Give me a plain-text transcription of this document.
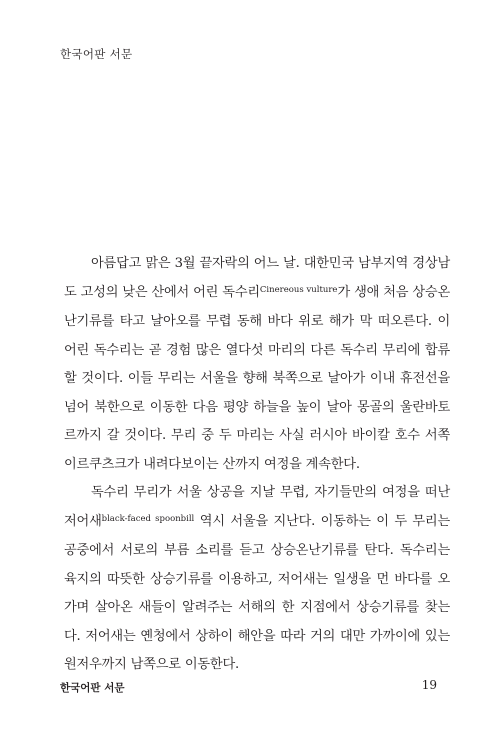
한국어판 서문

아름답고 맑은 3월 끝자락의 어느 날. 대한민국 남부지역 경상남도 고성의 낮은 산에서 어린 독수리$^{Cinereous vulture}$가 생애 처음 상승온난기류를 타고 날아오를 무렵 동해 바다 위로 해가 막 떠오른다. 이 어린 독수리는 곧 경험 많은 열다섯 마리의 다른 독수리 무리에 합류할 것이다. 이들 무리는 서울을 향해 북쪽으로 날아가 이내 휴전선을 넘어 북한으로 이동한 다음 평양 하늘을 높이 날아 몽골의 울란바토르까지 갈 것이다. 무리 중 두 마리는 사실 러시아 바이칼 호수 서쪽 이르쿠츠크가 내려다보이는 산까지 여정을 계속한다.

독수리 무리가 서울 상공을 지날 무렵, 자기들만의 여정을 떠난 저어새$^{black-faced spoonbill}$ 역시 서울을 지난다. 이동하는 이 두 무리는 공중에서 서로의 부름 소리를 듣고 상승온난기류를 탄다. 독수리는 육지의 따뜻한 상승기류를 이용하고, 저어새는 일생을 먼 바다를 오가며 살아온 새들이 알려주는 서해의 한 지점에서 상승기류를 찾는다. 저어새는 옌청에서 상하이 해안을 따라 거의 대만 가까이에 있는 원저우까지 남쪽으로 이동한다.

한국어판 서문	19
